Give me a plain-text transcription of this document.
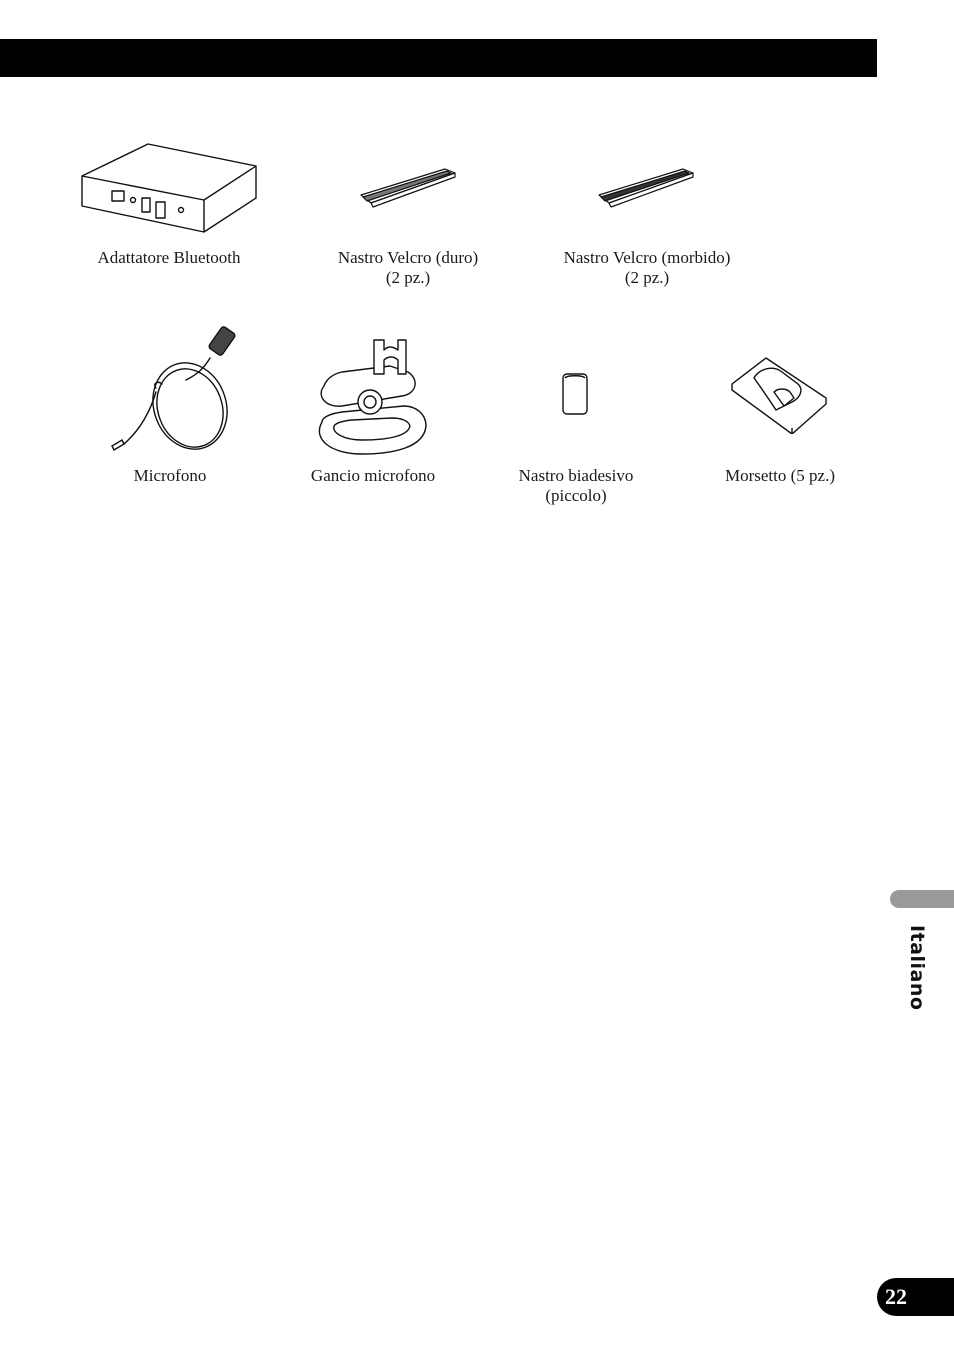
Adattatore Bluetooth	Nastro Velcro (duro)
(2 pz.)
Nastro Velcro (morbido)
(2 pz.)
Microfono	Gancio microfono	Nastro biadesivo
(piccolo)
Morsetto (5 pz.)
Italiano
22
